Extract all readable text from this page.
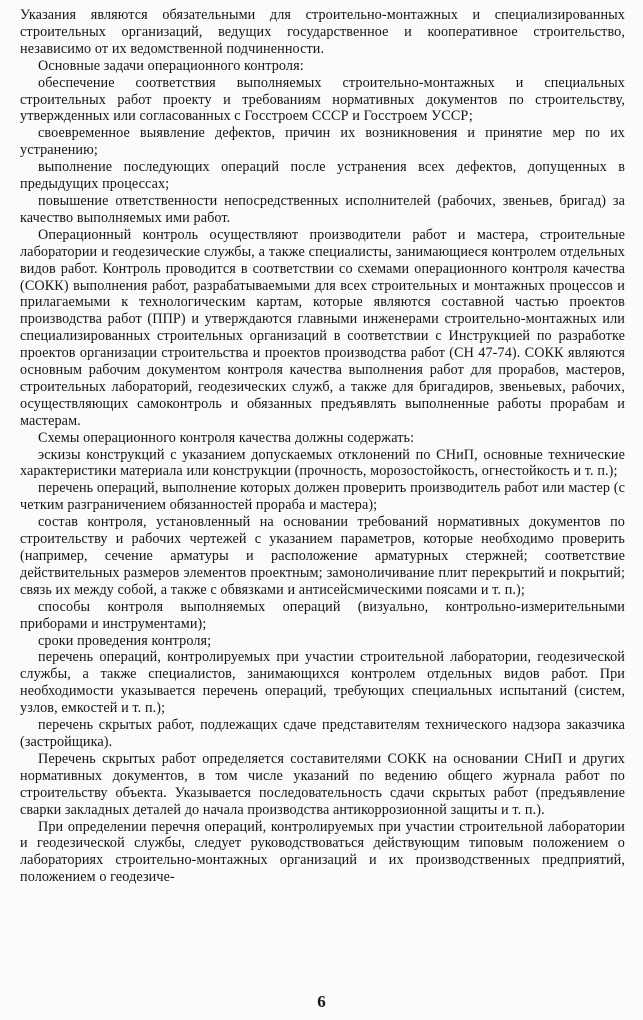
Указания являются обязательными для строительно-монтажных и специализированных строительных организаций, ведущих государственное и кооперативное строительство, независимо от их ведомственной подчиненности.

Основные задачи операционного контроля:

обеспечение соответствия выполняемых строительно-монтажных и специальных строительных работ проекту и требованиям нормативных документов по строительству, утвержденных или согласованных с Госстроем СССР и Госстроем УССР;

своевременное выявление дефектов, причин их возникновения и принятие мер по их устранению;

выполнение последующих операций после устранения всех дефектов, допущенных в предыдущих процессах;

повышение ответственности непосредственных исполнителей (рабочих, звеньев, бригад) за качество выполняемых ими работ.

Операционный контроль осуществляют производители работ и мастера, строительные лаборатории и геодезические службы, а также специалисты, занимающиеся контролем отдельных видов работ. Контроль проводится в соответствии со схемами операционного контроля качества (СОКК) выполнения работ, разрабатываемыми для всех строительных и монтажных процессов и прилагаемыми к технологическим картам, которые являются составной частью проектов производства работ (ППР) и утверждаются главными инженерами строительно-монтажных или специализированных строительных организаций в соответствии с Инструкцией по разработке проектов организации строительства и проектов производства работ (СН 47-74). СОКК являются основным рабочим документом контроля качества выполнения работ для прорабов, мастеров, строительных лабораторий, геодезических служб, а также для бригадиров, звеньевых, рабочих, осуществляющих самоконтроль и обязанных предъявлять выполненные работы прорабам и мастерам.

Схемы операционного контроля качества должны содержать:

эскизы конструкций с указанием допускаемых отклонений по СНиП, основные технические характеристики материала или конструкции (прочность, морозостойкость, огнестойкость и т. п.);

перечень операций, выполнение которых должен проверить производитель работ или мастер (с четким разграничением обязанностей прораба и мастера);

состав контроля, установленный на основании требований нормативных документов по строительству и рабочих чертежей с указанием параметров, которые необходимо проверить (например, сечение арматуры и расположение арматурных стержней; соответствие действительных размеров элементов проектным; замоноличивание плит перекрытий и покрытий; связь их между собой, а также с обвязками и антисейсмическими поясами и т. п.);

способы контроля выполняемых операций (визуально, контрольно-измерительными приборами и инструментами);

сроки проведения контроля;

перечень операций, контролируемых при участии строительной лаборатории, геодезической службы, а также специалистов, занимающихся контролем отдельных видов работ. При необходимости указывается перечень операций, требующих специальных испытаний (систем, узлов, емкостей и т. п.);

перечень скрытых работ, подлежащих сдаче представителям технического надзора заказчика (застройщика).

Перечень скрытых работ определяется составителями СОКК на основании СНиП и других нормативных документов, в том числе указаний по ведению общего журнала работ по строительству объекта. Указывается последовательность сдачи скрытых работ (предъявление сварки закладных деталей до начала производства антикоррозионной защиты и т. п.).

При определении перечня операций, контролируемых при участии строительной лаборатории и геодезической службы, следует руководствоваться действующим типовым положением о лабораториях строительно-монтажных организаций и их производственных предприятий, положением о геодезиче-

6
